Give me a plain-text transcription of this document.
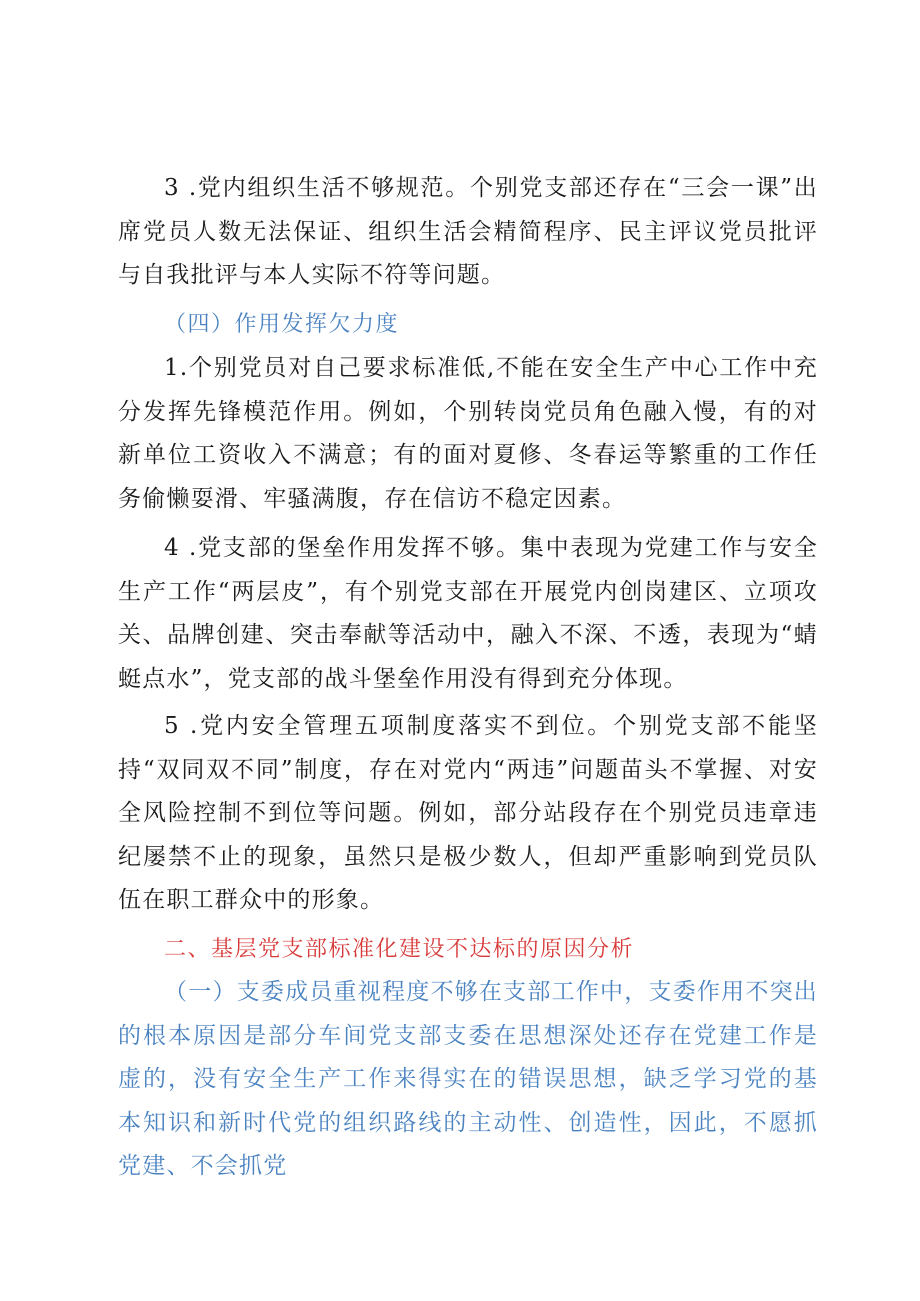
3 .党内组织生活不够规范。个别党支部还存在“三会一课”出席党员人数无法保证、组织生活会精简程序、民主评议党员批评与自我批评与本人实际不符等问题。

（四）作用发挥欠力度

1.个别党员对自己要求标准低,不能在安全生产中心工作中充分发挥先锋模范作用。例如，个别转岗党员角色融入慢，有的对新单位工资收入不满意；有的面对夏修、冬春运等繁重的工作任务偷懒耍滑、牢骚满腹，存在信访不稳定因素。

4 .党支部的堡垒作用发挥不够。集中表现为党建工作与安全生产工作“两层皮”，有个别党支部在开展党内创岗建区、立项攻关、品牌创建、突击奉献等活动中，融入不深、不透，表现为“蜻蜓点水”，党支部的战斗堡垒作用没有得到充分体现。

5 .党内安全管理五项制度落实不到位。个别党支部不能坚持“双同双不同”制度，存在对党内“两违”问题苗头不掌握、对安全风险控制不到位等问题。例如，部分站段存在个别党员违章违纪屡禁不止的现象，虽然只是极少数人，但却严重影响到党员队伍在职工群众中的形象。

二、基层党支部标准化建设不达标的原因分析

（一）支委成员重视程度不够在支部工作中，支委作用不突出的根本原因是部分车间党支部支委在思想深处还存在党建工作是虚的，没有安全生产工作来得实在的错误思想，缺乏学习党的基本知识和新时代党的组织路线的主动性、创造性，因此，不愿抓党建、不会抓党
